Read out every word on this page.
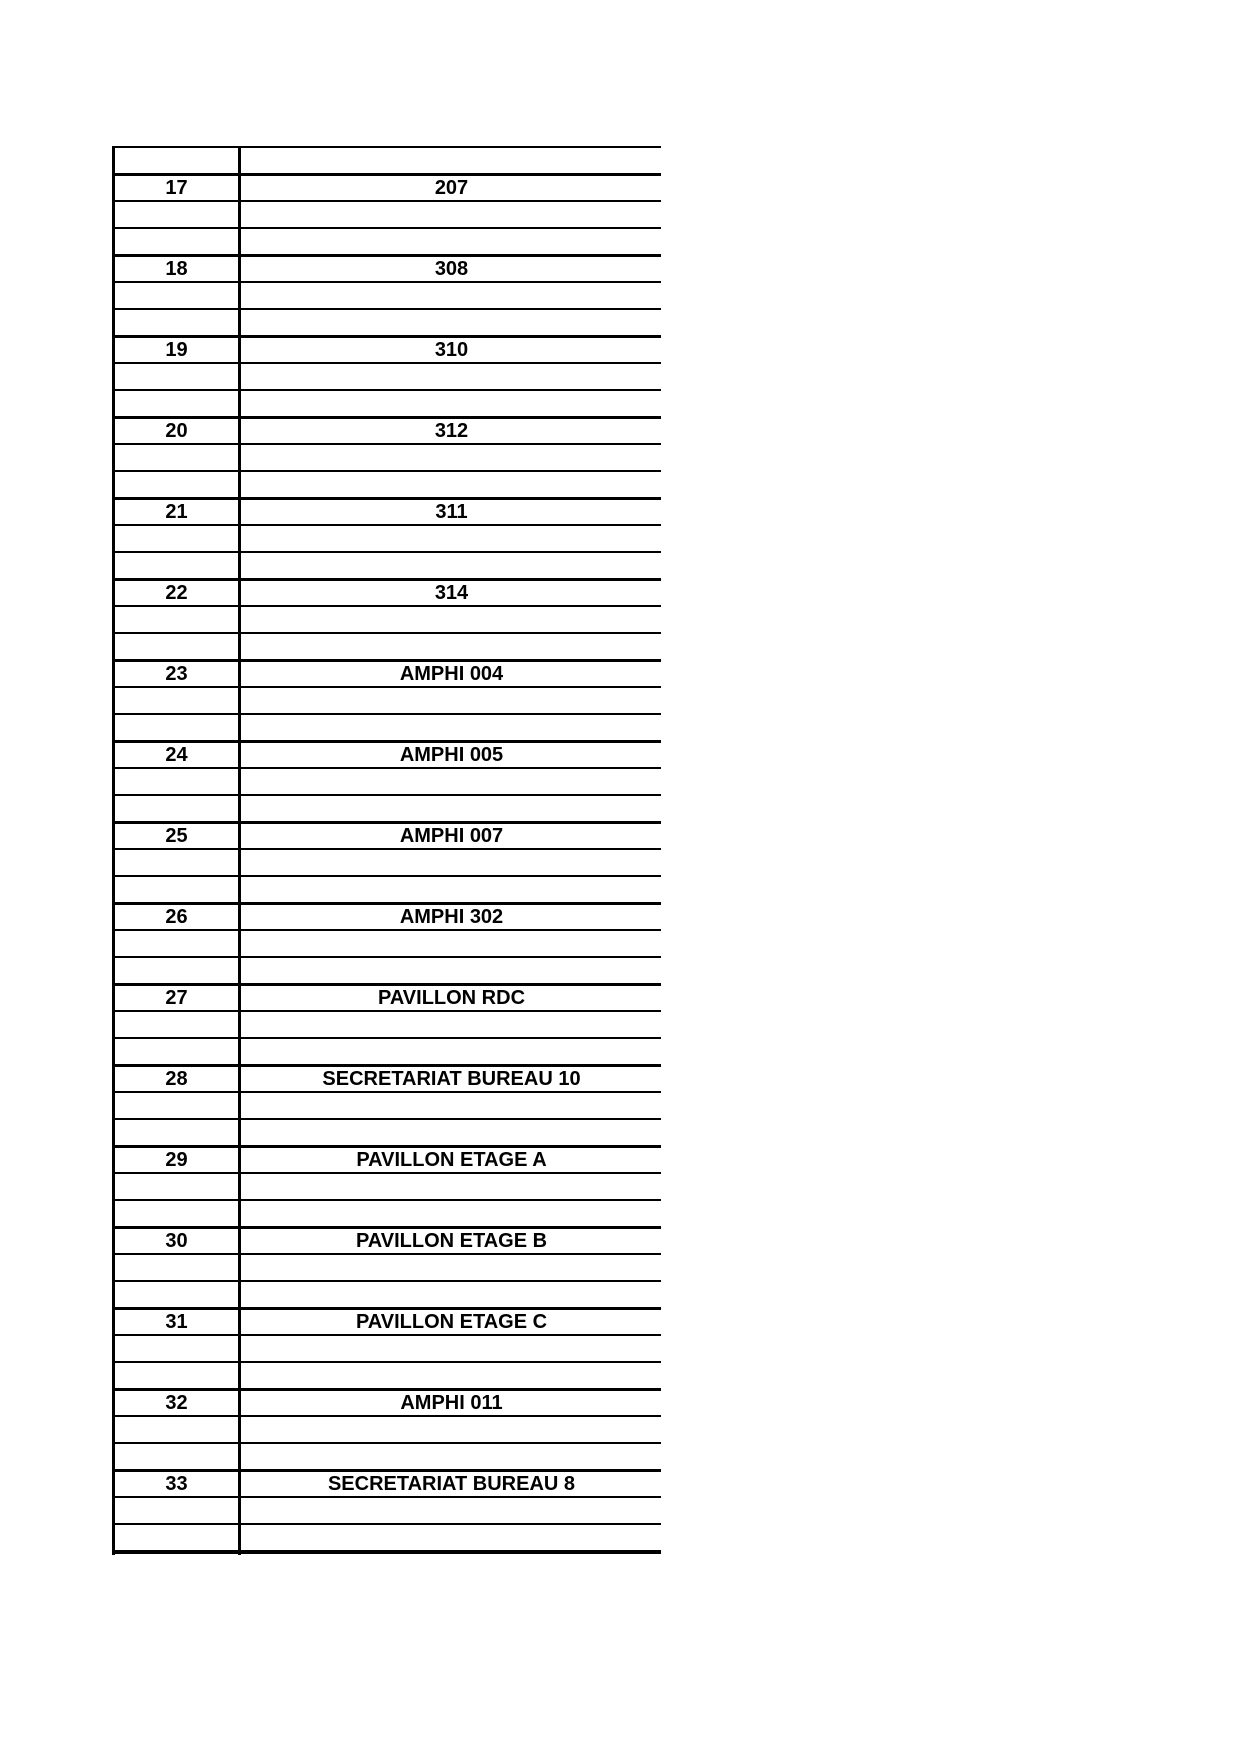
17	207
18	308
19	310
20	312
21	311
22	314
23	AMPHI 004
24	AMPHI 005
25	AMPHI 007
26	AMPHI 302
27	PAVILLON RDC
28	SECRETARIAT BUREAU 10
29	PAVILLON ETAGE A
30	PAVILLON ETAGE B
31	PAVILLON ETAGE C
32	AMPHI 011
33	SECRETARIAT BUREAU 8
